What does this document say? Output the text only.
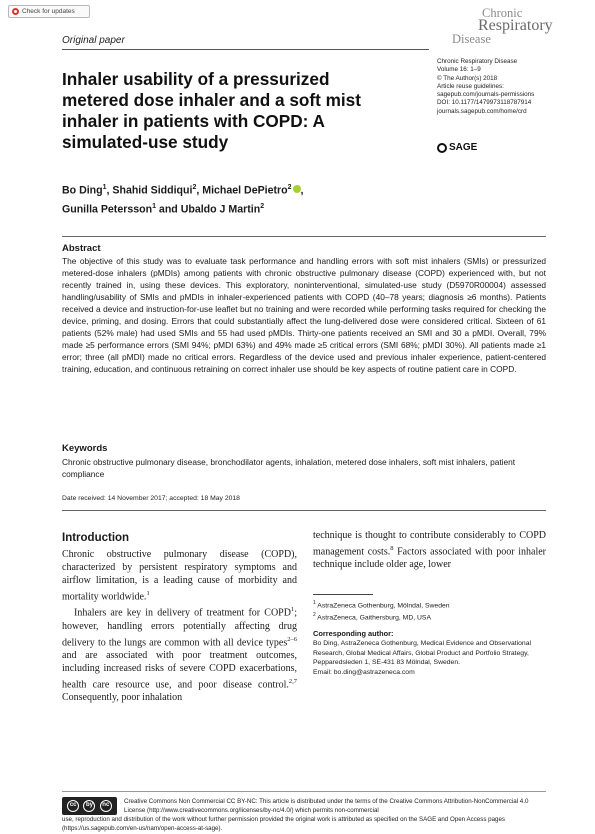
Check for updates	Chronic
Respiratory
Disease
Original paper
Inhaler usability of a pressurized metered dose inhaler and a soft mist inhaler in patients with COPD: A simulated-use study
Chronic Respiratory Disease
Volume 16: 1–9
© The Author(s) 2018
Article reuse guidelines:
sagepub.com/journals-permissions
DOI: 10.1177/1479973118787914
journals.sagepub.com/home/crd
SAGE
Bo Ding$^1$, Shahid Siddiqui$^2$, Michael DePietro$^2$ ,
Gunilla Petersson$^1$ and Ubaldo J Martin$^2$
Abstract

The objective of this study was to evaluate task performance and handling errors with soft mist inhalers (SMIs) or pressurized metered-dose inhalers (pMDIs) among patients with chronic obstructive pulmonary disease (COPD) experienced with, but not recently trained in, using these devices. This exploratory, noninterventional, simulated-use study (D5970R00004) assessed handling/usability of SMIs and pMDIs in inhaler-experienced patients with COPD (40–78 years; diagnosis ≥6 months). Patients received a device and instruction-for-use leaflet but no training and were recorded while performing tasks required for checking the device, priming, and dosing. Errors that could substantially affect the lung-delivered dose were considered critical. Sixteen of 61 patients (52% male) had used SMIs and 55 had used pMDIs. Thirty-one patients received an SMI and 30 a pMDI. Overall, 79% made ≥5 performance errors (SMI 94%; pMDI 63%) and 49% made ≥5 critical errors (SMI 68%; pMDI 30%). All patients made ≥1 error; three (all pMDI) made no critical errors. Regardless of the device used and previous inhaler experience, patient-centered training, education, and continuous retraining on correct inhaler use should be key aspects of routine patient care in COPD.

Keywords

Chronic obstructive pulmonary disease, bronchodilator agents, inhalation, metered dose inhalers, soft mist inhalers, patient compliance

Date received: 14 November 2017; accepted: 18 May 2018
Introduction

Chronic obstructive pulmonary disease (COPD), characterized by persistent respiratory symptoms and airflow limitation, is a leading cause of morbidity and mortality worldwide.$^1$

Inhalers are key in delivery of treatment for COPD$^1$; however, handling errors potentially affecting drug delivery to the lungs are common with all device types$^{2-6}$ and are associated with poor treatment outcomes, including increased risks of severe COPD exacerbations, health care resource use, and poor disease control.$^{2,7}$ Consequently, poor inhalation

technique is thought to contribute considerably to COPD management costs.$^8$ Factors associated with poor inhaler technique include older age, lower

$^1$ AstraZeneca Gothenburg, Mölndal, Sweden
$^2$ AstraZeneca, Gaithersburg, MD, USA
Corresponding author:
Bo Ding, AstraZeneca Gothenburg, Medical Evidence and Observational Research, Global Medical Affairs, Global Product and Portfolio Strategy, Pepparedsleden 1, SE-431 83 Mölndal, Sweden.
Email: bo.ding@astrazeneca.com
cc	by	nc	Creative Commons Non Commercial CC BY-NC: This article is distributed under the terms of the Creative Commons Attribution-NonCommercial 4.0 License (http://www.creativecommons.org/licenses/by-nc/4.0/) which permits non-commercial
use, reproduction and distribution of the work without further permission provided the original work is attributed as specified on the SAGE and Open Access pages (https://us.sagepub.com/en-us/nam/open-access-at-sage).
